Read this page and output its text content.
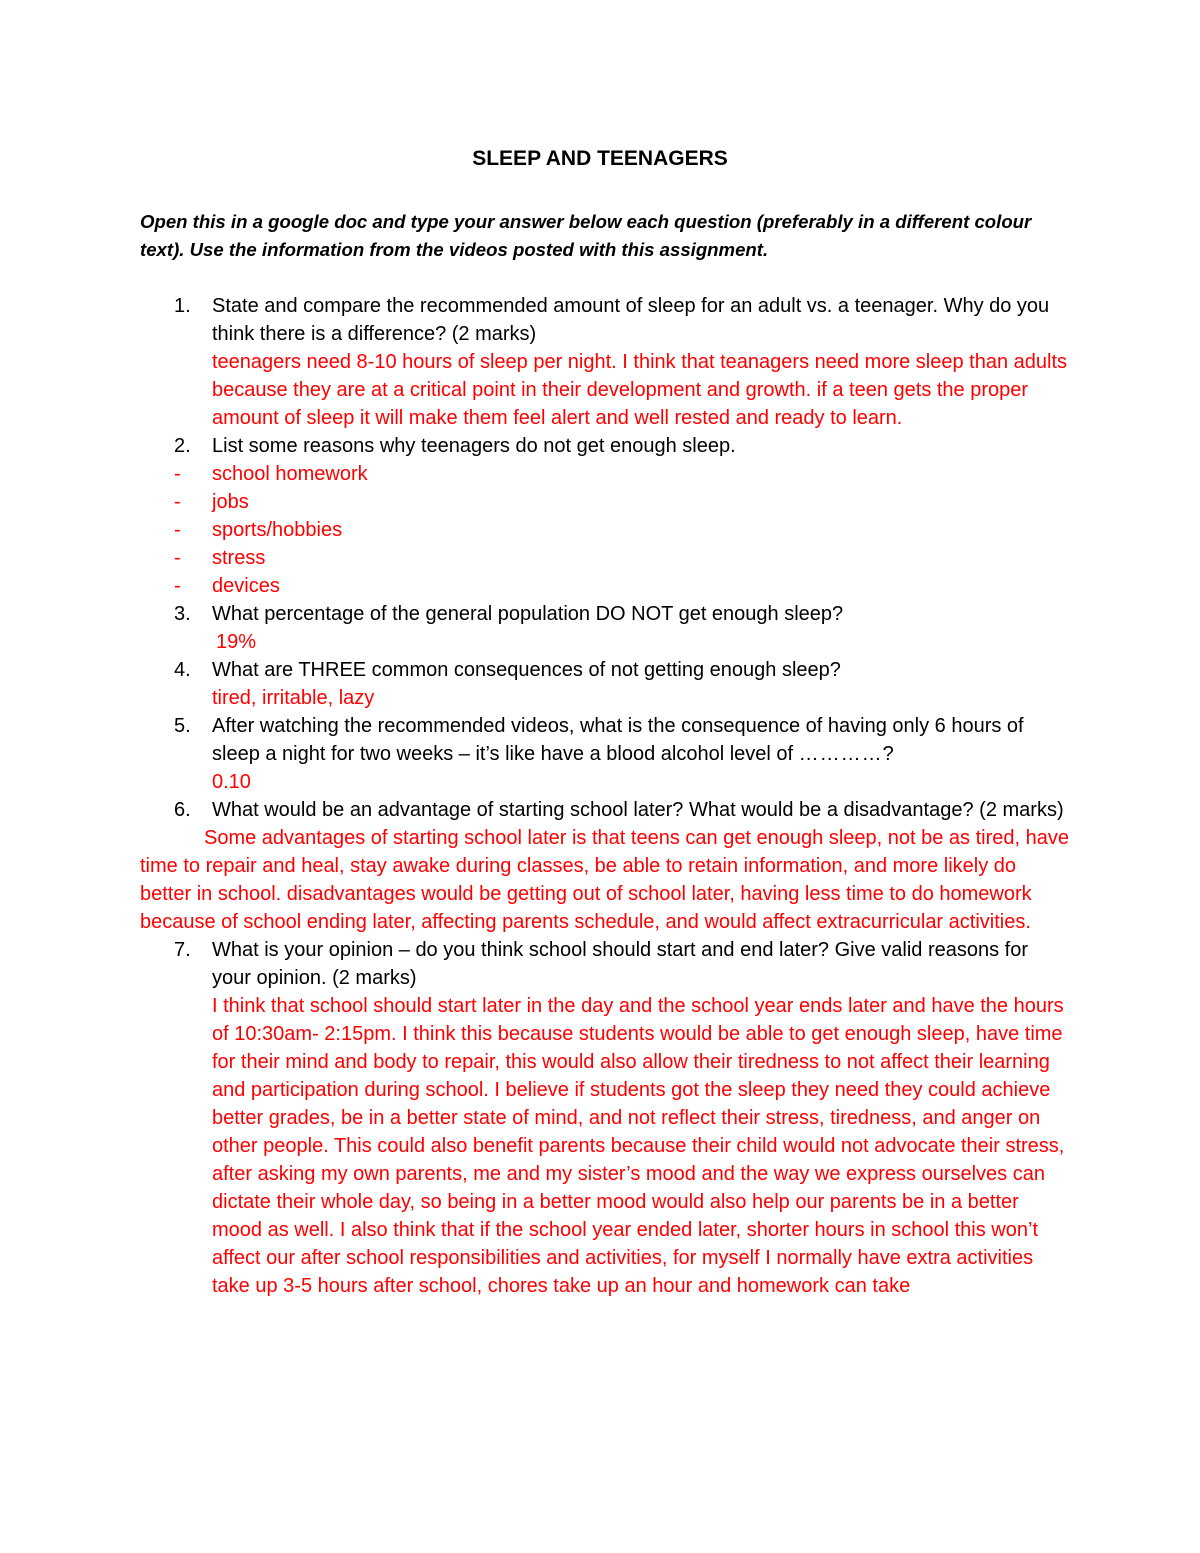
SLEEP AND TEENAGERS
Open this in a google doc and type your answer below each question (preferably in a different colour text). Use the information from the videos posted with this assignment.
1. State and compare the recommended amount of sleep for an adult vs. a teenager. Why do you think there is a difference? (2 marks)
teenagers need 8-10 hours of sleep per night. I think that teanagers need more sleep than adults because they are at a critical point in their development and growth. if a teen gets the proper amount of sleep it will make them feel alert and well rested and ready to learn.
2. List some reasons why teenagers do not get enough sleep.
- school homework
- jobs
- sports/hobbies
- stress
- devices
3. What percentage of the general population DO NOT get enough sleep?
19%
4. What are THREE common consequences of not getting enough sleep?
tired, irritable, lazy
5. After watching the recommended videos, what is the consequence of having only 6 hours of sleep a night for two weeks – it’s like have a blood alcohol level of …………?
0.10
6. What would be an advantage of starting school later? What would be a disadvantage? (2 marks)
Some advantages of starting school later is that teens can get enough sleep, not be as tired, have time to repair and heal, stay awake during classes, be able to retain information, and more likely do better in school. disadvantages would be getting out of school later, having less time to do homework because of school ending later, affecting parents schedule, and would affect extracurricular activities.
7. What is your opinion – do you think school should start and end later? Give valid reasons for your opinion. (2 marks)
I think that school should start later in the day and the school year ends later and have the hours of 10:30am- 2:15pm. I think this because students would be able to get enough sleep, have time for their mind and body to repair, this would also allow their tiredness to not affect their learning and participation during school. I believe if students got the sleep they need they could achieve better grades, be in a better state of mind, and not reflect their stress, tiredness, and anger on other people. This could also benefit parents because their child would not advocate their stress, after asking my own parents, me and my sister’s mood and the way we express ourselves can dictate their whole day, so being in a better mood would also help our parents be in a better mood as well. I also think that if the school year ended later, shorter hours in school this won’t affect our after school responsibilities and activities, for myself I normally have extra activities take up 3-5 hours after school, chores take up an hour and homework can take
